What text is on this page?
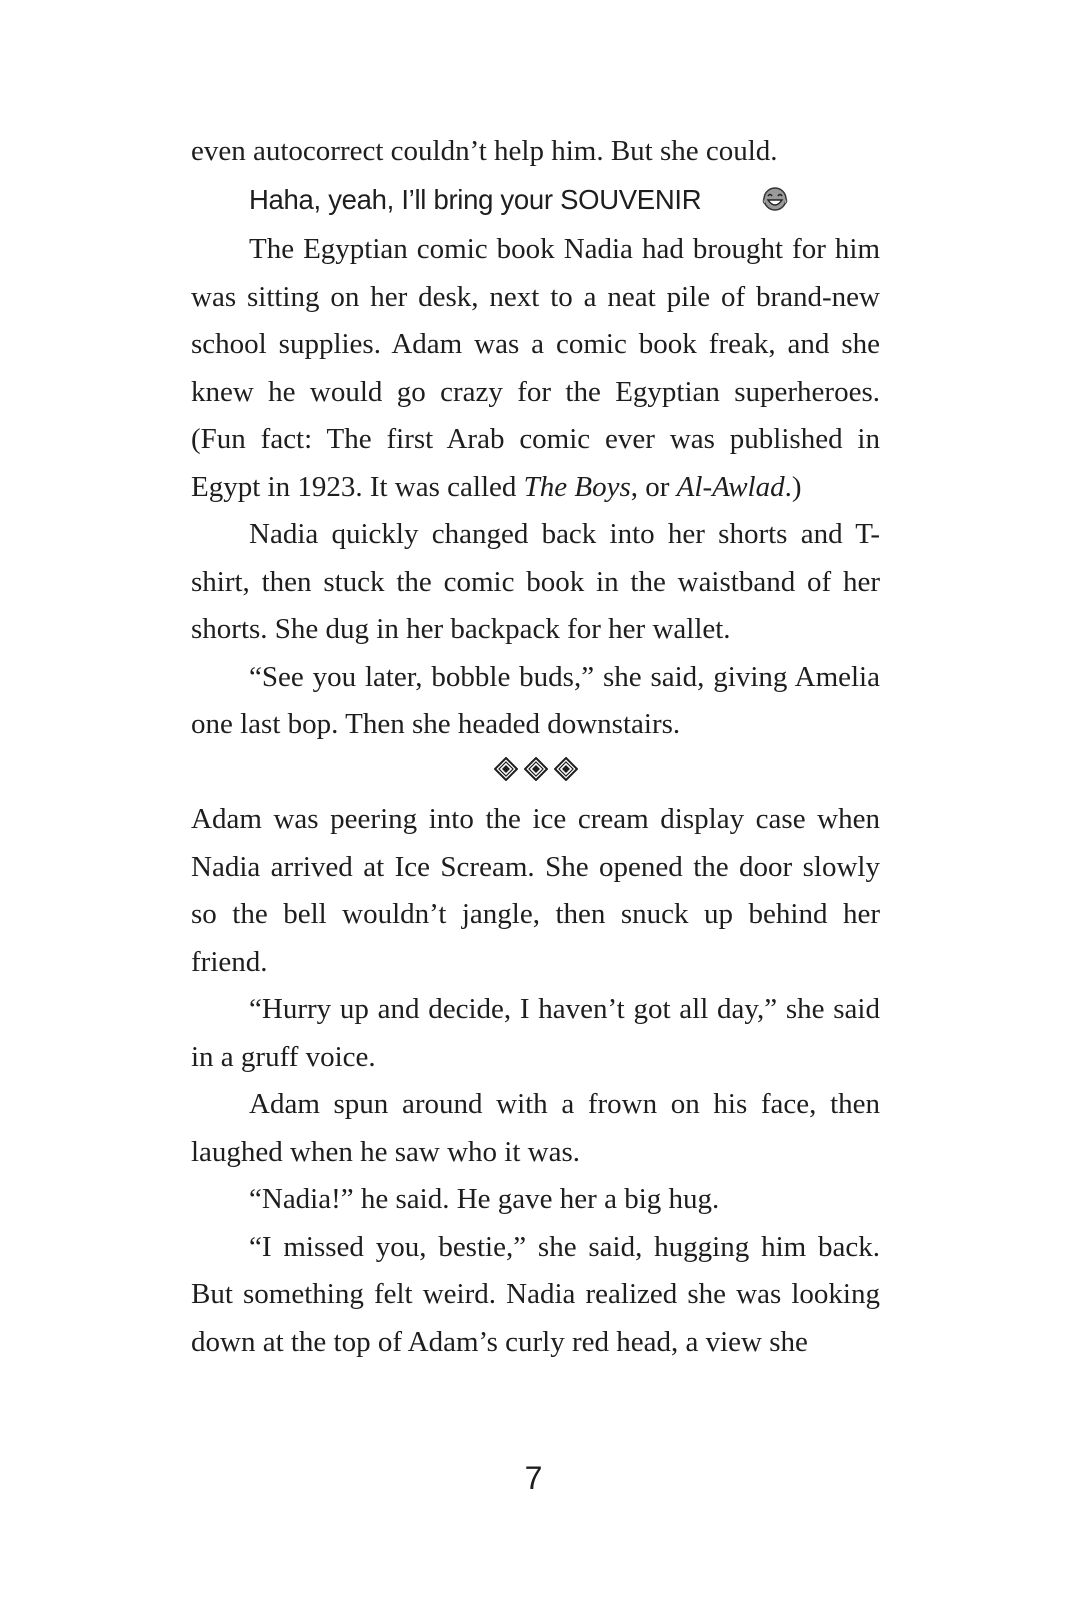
even autocorrect couldn’t help him. But she could.

Haha, yeah, I’ll bring your SOUVENIR

The Egyptian comic book Nadia had brought for him was sitting on her desk, next to a neat pile of brand-new school supplies. Adam was a comic book freak, and she knew he would go crazy for the Egyptian superheroes. (Fun fact: The first Arab comic ever was published in Egypt in 1923. It was called The Boys, or Al-Awlad.)

Nadia quickly changed back into her shorts and T-shirt, then stuck the comic book in the waistband of her shorts. She dug in her backpack for her wallet.

“See you later, bobble buds,” she said, giving Amelia one last bop. Then she headed downstairs.

Adam was peering into the ice cream display case when Nadia arrived at Ice Scream. She opened the door slowly so the bell wouldn’t jangle, then snuck up behind her friend.

“Hurry up and decide, I haven’t got all day,” she said in a gruff voice.

Adam spun around with a frown on his face, then laughed when he saw who it was.

“Nadia!” he said. He gave her a big hug.

“I missed you, bestie,” she said, hugging him back. But something felt weird. Nadia realized she was looking down at the top of Adam’s curly red head, a view she

7
